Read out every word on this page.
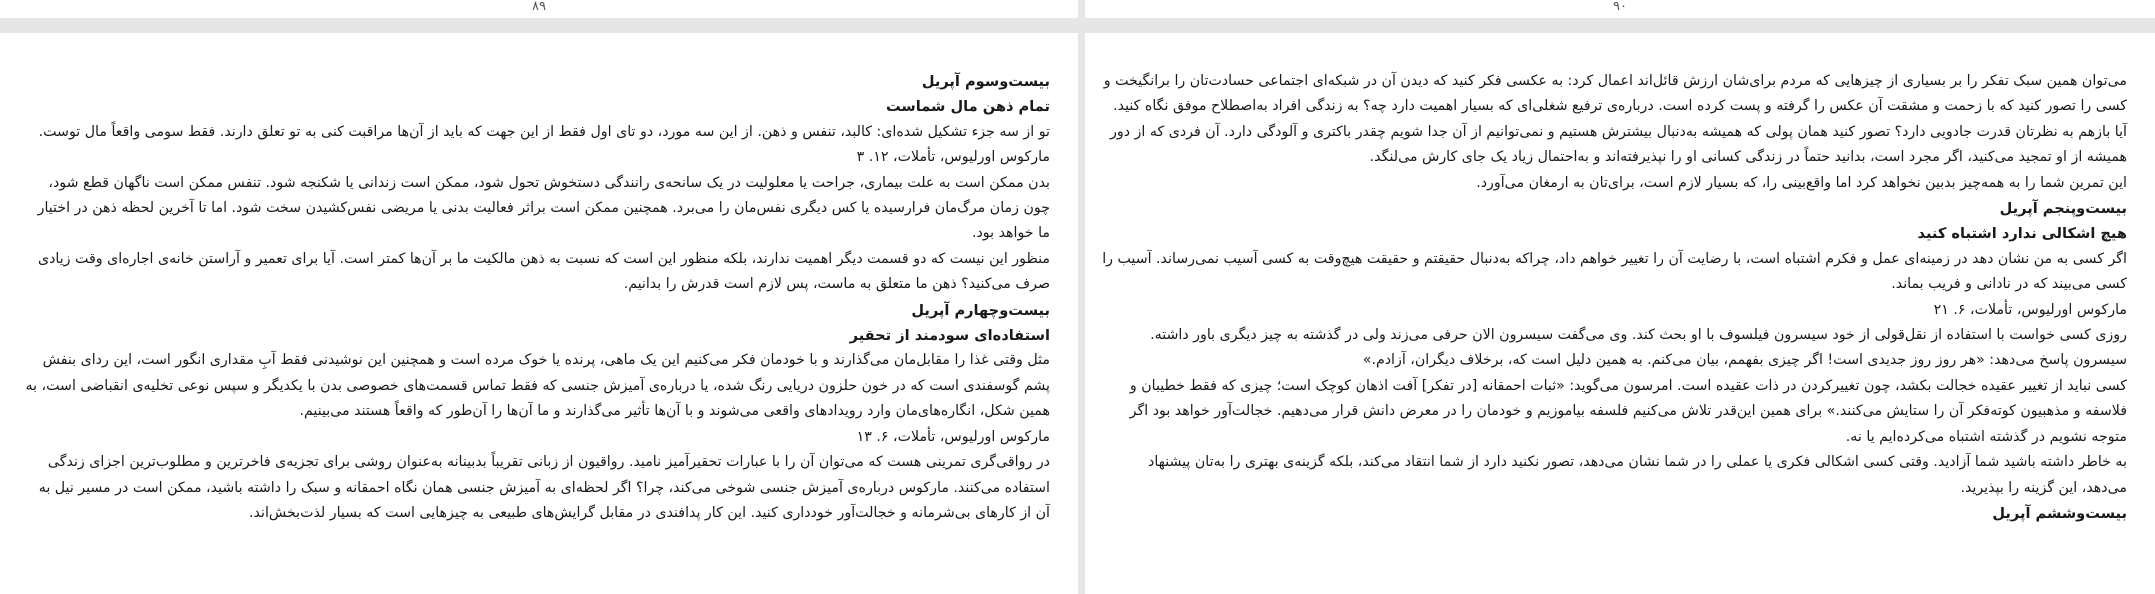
۸۹	۹۰
بیست‌وسوم آپریل
تمام ذهن مال شماست

تو از سه جزء تشکیل شده‌ای: کالبد، تنفس و ذهن. از این سه مورد، دو تای اول فقط از این جهت که باید از آن‌ها مراقبت کنی به تو تعلق دارند. فقط سومی واقعاً مال توست.

مارکوس اورلیوس، تأملات، ۱۲. ۳

بدن ممکن است به علت بیماری، جراحت یا معلولیت در یک سانحه‌ی رانندگی دستخوش تحول شود، ممکن است زندانی یا شکنجه شود. تنفس ممکن است ناگهان قطع شود، چون زمان مرگ‌مان فرارسیده یا کس دیگری نفس‌مان را می‌برد. همچنین ممکن است براثر فعالیت بدنی یا مریضی نفس‌کشیدن سخت شود. اما تا آخرین لحظه ذهن در اختیار ما خواهد بود.

منظور این نیست که دو قسمت دیگر اهمیت ندارند، بلکه منظور این است که نسبت به ذهن مالکیت ما بر آن‌ها کمتر است. آیا برای تعمیر و آراستن خانه‌ی اجاره‌ای وقت زیادی صرف می‌کنید؟ ذهن ما متعلق به ماست، پس لازم است قدرش را بدانیم.

بیست‌وچهارم آپریل
استفاده‌ای سودمند از تحقیر

مثل وقتی غذا را مقابل‌مان می‌گذارند و با خودمان فکر می‌کنیم این یک ماهی، پرنده یا خوک مرده است و همچنین این نوشیدنی فقط آبِ مقداری انگور است، این ردای بنفش پشم گوسفندی است که در خون حلزون دریایی رنگ شده، یا درباره‌ی آمیزش جنسی که فقط تماس قسمت‌های خصوصی بدن با یکدیگر و سپس نوعی تخلیه‌ی انقباضی است، به همین شکل، انگاره‌های‌مان وارد رویدادهای واقعی می‌شوند و با آن‌ها تأثیر می‌گذارند و ما آن‌ها را آن‌طور که واقعاً هستند می‌بینیم.

مارکوس اورلیوس، تأملات، ۶. ۱۳

در رواقی‌گری تمرینی هست که می‌توان آن را با عبارات تحقیرآمیز نامید. رواقیون از زبانی تقریباً بدبینانه به‌عنوان روشی برای تجزیه‌ی فاخرترین و مطلوب‌ترین اجزای زندگی استفاده می‌کنند. مارکوس درباره‌ی آمیزش جنسی شوخی می‌کند، چرا؟ اگر لحظه‌ای به آمیزش جنسی همان نگاه احمقانه و سبک را داشته باشید، ممکن است در مسیر نیل به آن از کارهای بی‌شرمانه و خجالت‌آور خودداری کنید. این کار پدافندی در مقابل گرایش‌های طبیعی به چیزهایی است که بسیار لذت‌بخش‌اند.

می‌توان همین سبک تفکر را بر بسیاری از چیزهایی که مردم برای‌شان ارزش قائل‌اند اعمال کرد: به عکسی فکر کنید که دیدن آن در شبکه‌ای اجتماعی حسادت‌تان را برانگیخت و کسی را تصور کنید که با زحمت و مشقت آن عکس را گرفته و پست کرده است. درباره‌ی ترفیع شغلی‌ای که بسیار اهمیت دارد چه؟ به زندگی افراد به‌اصطلاح موفق نگاه کنید. آیا بازهم به نظرتان قدرت جادویی دارد؟ تصور کنید همان پولی که همیشه به‌دنبال بیشترش هستیم و نمی‌توانیم از آن جدا شویم چقدر باکتری و آلودگی دارد. آن فردی که از دور همیشه از او تمجید می‌کنید، اگر مجرد است، بدانید حتماً در زندگی کسانی او را نپذیرفته‌اند و به‌احتمال زیاد یک جای کارش می‌لنگد.

این تمرین شما را به همه‌چیز بدبین نخواهد کرد اما واقع‌بینی را، که بسیار لازم است، برای‌تان به ارمغان می‌آورد.

بیست‌وپنجم آپریل
هیچ اشکالی ندارد اشتباه کنید

اگر کسی به من نشان دهد در زمینه‌ای عمل و فکرم اشتباه است، با رضایت آن را تغییر خواهم داد، چراکه به‌دنبال حقیقتم و حقیقت هیچ‌وقت به کسی آسیب نمی‌رساند. آسیب را کسی می‌بیند که در نادانی و فریب بماند.

مارکوس اورلیوس، تأملات، ۶. ۲۱

روزی کسی خواست با استفاده از نقل‌قولی از خود سیسرون فیلسوف با او بحث کند. وی می‌گفت سیسرون الان حرفی می‌زند ولی در گذشته به چیز دیگری باور داشته. سیسرون پاسخ می‌دهد: «هر روز روز جدیدی است! اگر چیزی بفهمم، بیان می‌کنم. به همین دلیل است که، برخلاف دیگران، آزادم.»

کسی نباید از تغییر عقیده خجالت بکشد، چون تغییرکردن در ذات عقیده است. امرسون می‌گوید: «ثبات احمقانه [در تفکر] آفت اذهان کوچک است؛ چیزی که فقط خطیبان و فلاسفه و مذهبیون کوته‌فکر آن را ستایش می‌کنند.» برای همین این‌قدر تلاش می‌کنیم فلسفه بیاموزیم و خودمان را در معرض دانش قرار می‌دهیم. خجالت‌آور خواهد بود اگر متوجه نشویم در گذشته اشتباه می‌کرده‌ایم یا نه.

به خاطر داشته باشید شما آزادید. وقتی کسی اشکالی فکری یا عملی را در شما نشان می‌دهد، تصور نکنید دارد از شما انتقاد می‌کند، بلکه گزینه‌ی بهتری را به‌تان پیشنهاد می‌دهد، این گزینه را بپذیرید.

بیست‌وششم آپریل
